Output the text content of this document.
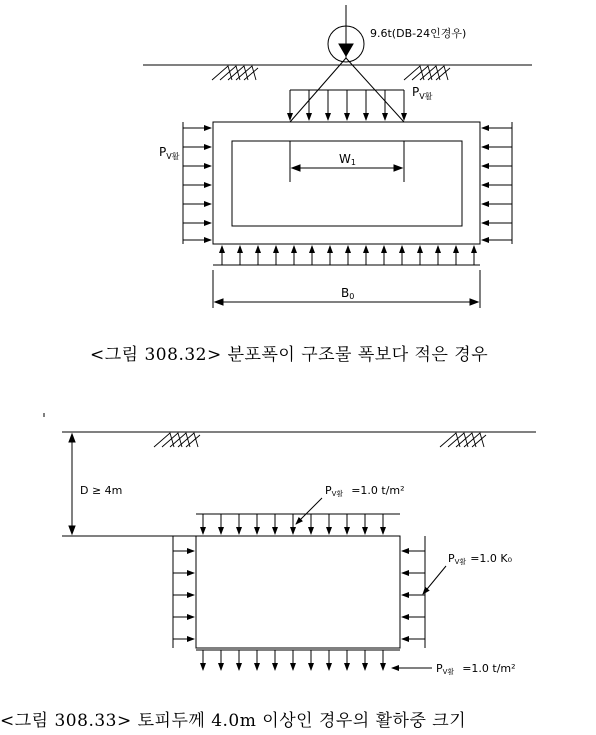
9.6t(DB-24인경우)
$P_{V활}$
$P_{V활}$	W1
B0
D ≥ 4m	PV활 =1.0 t/m²
PV활 =1.0 K₀
PV활 =1.0 t/m²
<그림 308.32> 분포폭이 구조물 폭보다 적은 경우
<그림 308.33> 토피두께 4.0m 이상인 경우의 활하중 크기
